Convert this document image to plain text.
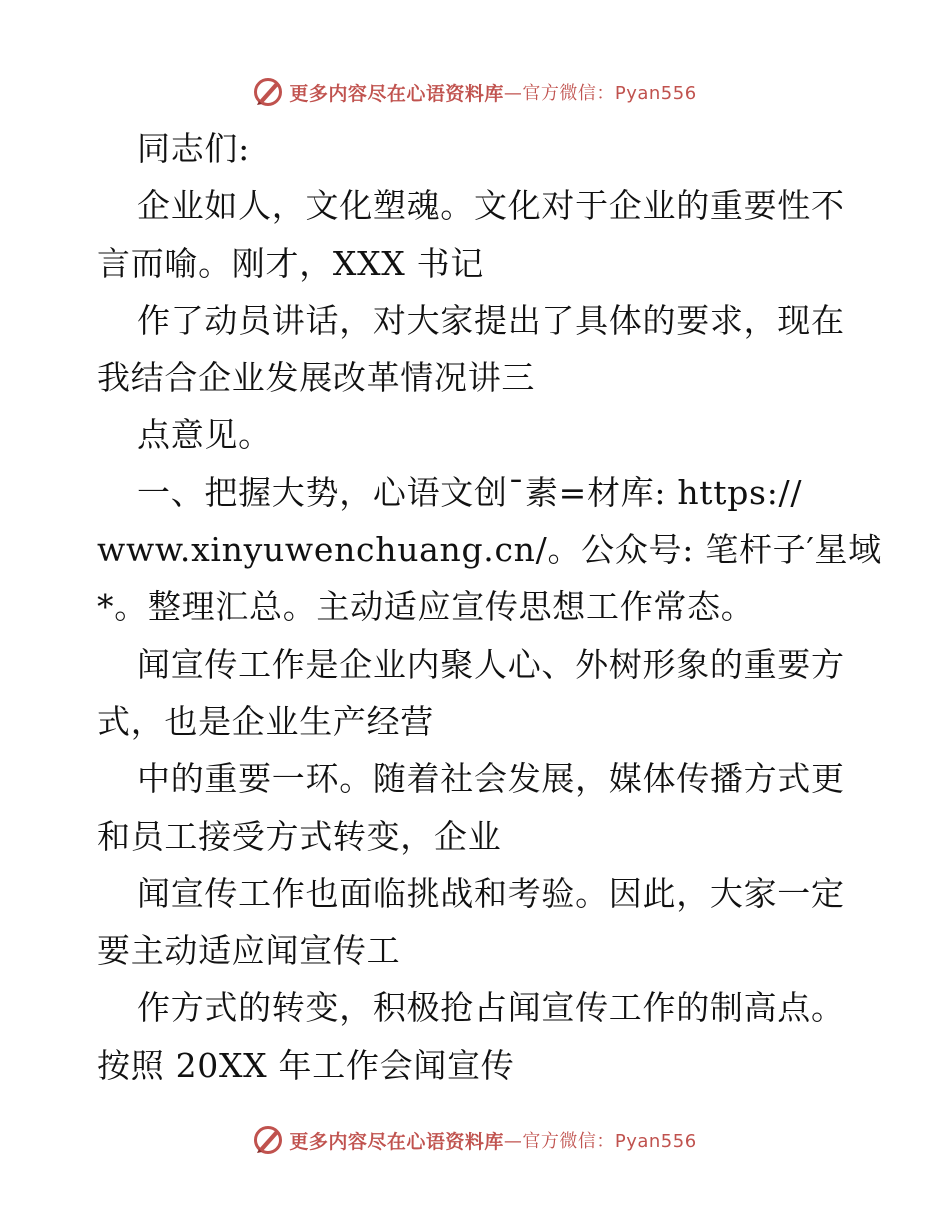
更多内容尽在心语资料库 —官方微信：Pyan556
同志们:
企业如人，文化塑魂。文化对于企业的重要性不
言而喻。刚才，XXX 书记
作了动员讲话，对大家提出了具体的要求，现在
我结合企业发展改革情况讲三
点意见。
一、把握大势，心语文创¯素=材库: https://
www.xinyuwenchuang.cn/。公众号: 笔杆子′星域
*。整理汇总。主动适应宣传思想工作常态。
闻宣传工作是企业内聚人心、外树形象的重要方
式，也是企业生产经营
中的重要一环。随着社会发展，媒体传播方式更
和员工接受方式转变，企业
闻宣传工作也面临挑战和考验。因此，大家一定
要主动适应闻宣传工
作方式的转变，积极抢占闻宣传工作的制高点。
按照 20XX 年工作会闻宣传
更多内容尽在心语资料库 —官方微信：Pyan556
